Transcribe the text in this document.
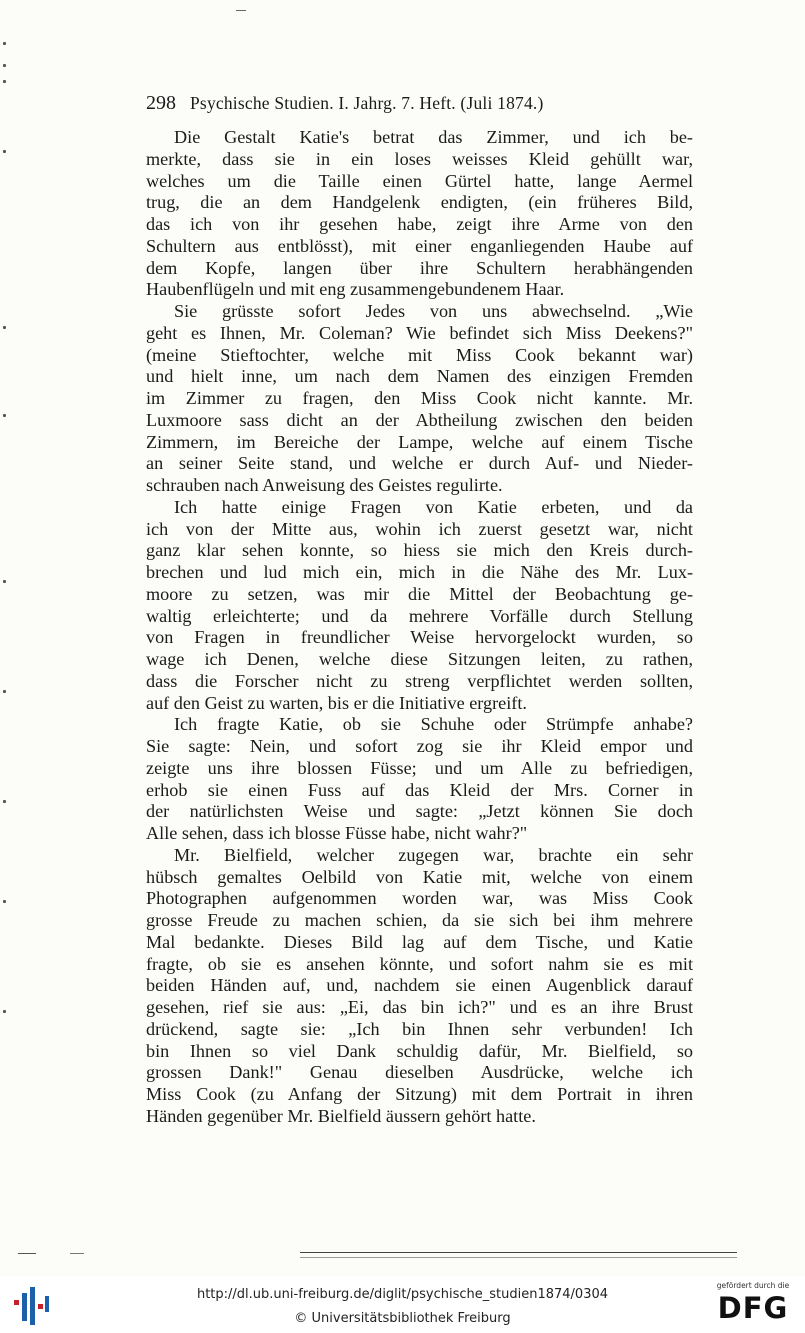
298 Psychische Studien. I. Jahrg. 7. Heft. (Juli 1874.)
Die Gestalt Katie's betrat das Zimmer, und ich be-
merkte, dass sie in ein loses weisses Kleid gehüllt war,
welches um die Taille einen Gürtel hatte, lange Aermel
trug, die an dem Handgelenk endigten, (ein früheres Bild,
das ich von ihr gesehen habe, zeigt ihre Arme von den
Schultern aus entblösst), mit einer enganliegenden Haube auf
dem Kopfe, langen über ihre Schultern herabhängenden
Haubenflügeln und mit eng zusammengebundenem Haar.
Sie grüsste sofort Jedes von uns abwechselnd. „Wie
geht es Ihnen, Mr. Coleman? Wie befindet sich Miss Deekens?"
(meine Stieftochter, welche mit Miss Cook bekannt war)
und hielt inne, um nach dem Namen des einzigen Fremden
im Zimmer zu fragen, den Miss Cook nicht kannte. Mr.
Luxmoore sass dicht an der Abtheilung zwischen den beiden
Zimmern, im Bereiche der Lampe, welche auf einem Tische
an seiner Seite stand, und welche er durch Auf- und Nieder-
schrauben nach Anweisung des Geistes regulirte.
Ich hatte einige Fragen von Katie erbeten, und da
ich von der Mitte aus, wohin ich zuerst gesetzt war, nicht
ganz klar sehen konnte, so hiess sie mich den Kreis durch-
brechen und lud mich ein, mich in die Nähe des Mr. Lux-
moore zu setzen, was mir die Mittel der Beobachtung ge-
waltig erleichterte; und da mehrere Vorfälle durch Stellung
von Fragen in freundlicher Weise hervorgelockt wurden, so
wage ich Denen, welche diese Sitzungen leiten, zu rathen,
dass die Forscher nicht zu streng verpflichtet werden sollten,
auf den Geist zu warten, bis er die Initiative ergreift.
Ich fragte Katie, ob sie Schuhe oder Strümpfe anhabe?
Sie sagte: Nein, und sofort zog sie ihr Kleid empor und
zeigte uns ihre blossen Füsse; und um Alle zu befriedigen,
erhob sie einen Fuss auf das Kleid der Mrs. Corner in
der natürlichsten Weise und sagte: „Jetzt können Sie doch
Alle sehen, dass ich blosse Füsse habe, nicht wahr?"
Mr. Bielfield, welcher zugegen war, brachte ein sehr
hübsch gemaltes Oelbild von Katie mit, welche von einem
Photographen aufgenommen worden war, was Miss Cook
grosse Freude zu machen schien, da sie sich bei ihm mehrere
Mal bedankte. Dieses Bild lag auf dem Tische, und Katie
fragte, ob sie es ansehen könnte, und sofort nahm sie es mit
beiden Händen auf, und, nachdem sie einen Augenblick darauf
gesehen, rief sie aus: „Ei, das bin ich?" und es an ihre Brust
drückend, sagte sie: „Ich bin Ihnen sehr verbunden! Ich
bin Ihnen so viel Dank schuldig dafür, Mr. Bielfield, so
grossen Dank!" Genau dieselben Ausdrücke, welche ich
Miss Cook (zu Anfang der Sitzung) mit dem Portrait in ihren
Händen gegenüber Mr. Bielfield äussern gehört hatte.
http://dl.ub.uni-freiburg.de/diglit/psychische_studien1874/0304
© Universitätsbibliothek Freiburg
gefördert durch die
DFG
